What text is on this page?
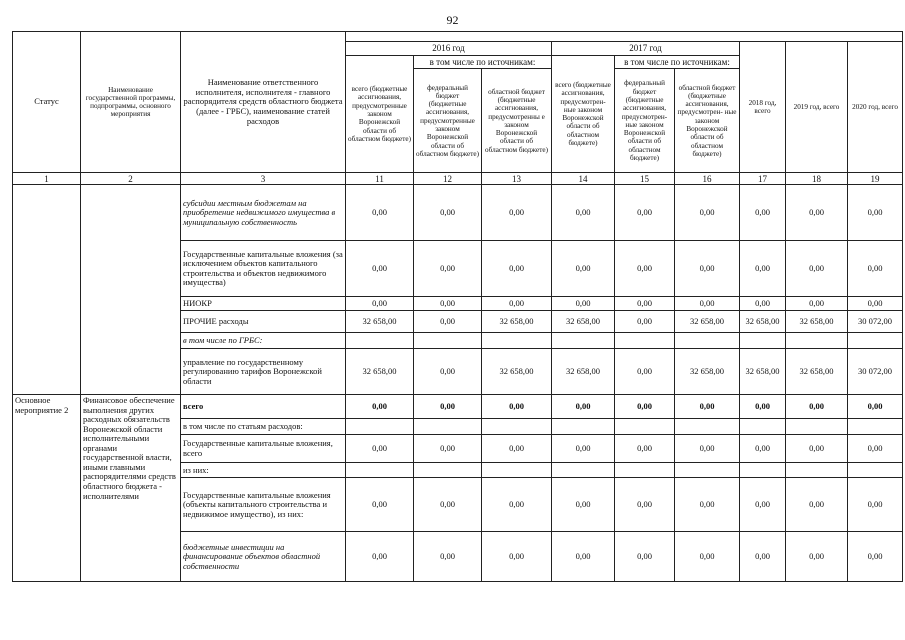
92
Статус	Наименование государственной программы, подпрограммы, основного мероприятия	Наименование ответственного исполнителя, исполнителя - главного распорядителя средств областного бюджета (далее - ГРБС), наименование статей расходов									
			2016 год			2017 год			2018 год, всего	2019 год, всего	2020 год, всего
			всего (бюджетные ассигнования, предусмотренные законом Воронежской области об областном бюджете)	в том числе по источникам:		всего (бюджетные ассигнования, предусмотрен- ные законом Воронежской области об областном бюджете)	в том числе по источникам:				
				федеральный бюджет (бюджетные ассигнования, предусмотренные законом Воронежской области об областном бюджете)	областной бюджет (бюджетные ассигнования, предусмотренны е законом Воронежской области об областном бюджете)		федеральный бюджет (бюджетные ассигнования, предусмотрен- ные законом Воронежской области об областном бюджете)	областной бюджет (бюджетные ассигнования, предусмотрен- ные законом Воронежской области об областном бюджете)			
1	2	3	11	12	13	14	15	16	17	18	19
		субсидии местным бюджетам на приобретение недвижимого имущества в муниципальную собственность	0,00	0,00	0,00	0,00	0,00	0,00	0,00	0,00	0,00
		Государственные капитальные вложения (за исключением объектов капитального строительства и объектов недвижимого имущества)	0,00	0,00	0,00	0,00	0,00	0,00	0,00	0,00	0,00
		НИОКР	0,00	0,00	0,00	0,00	0,00	0,00	0,00	0,00	0,00
		ПРОЧИЕ расходы	32 658,00	0,00	32 658,00	32 658,00	0,00	32 658,00	32 658,00	32 658,00	30 072,00
		в том числе по ГРБС:									
		управление по государственному регулированию тарифов Воронежской области	32 658,00	0,00	32 658,00	32 658,00	0,00	32 658,00	32 658,00	32 658,00	30 072,00
Основное мероприятие 2	Финансовое обеспечение выполнения других расходных обязательств Воронежской области исполнительными органами государственной власти, иными главными распорядителями средств областного бюджета - исполнителями	всего	0,00	0,00	0,00	0,00	0,00	0,00	0,00	0,00	0,00
		в том числе по статьям расходов:									
		Государственные капитальные вложения, всего	0,00	0,00	0,00	0,00	0,00	0,00	0,00	0,00	0,00
		из них:									
		Государственные капитальные вложения (объекты капитального строительства и недвижимое имущество), из них:	0,00	0,00	0,00	0,00	0,00	0,00	0,00	0,00	0,00
		бюджетные инвестиции на финансирование объектов областной собственности	0,00	0,00	0,00	0,00	0,00	0,00	0,00	0,00	0,00
